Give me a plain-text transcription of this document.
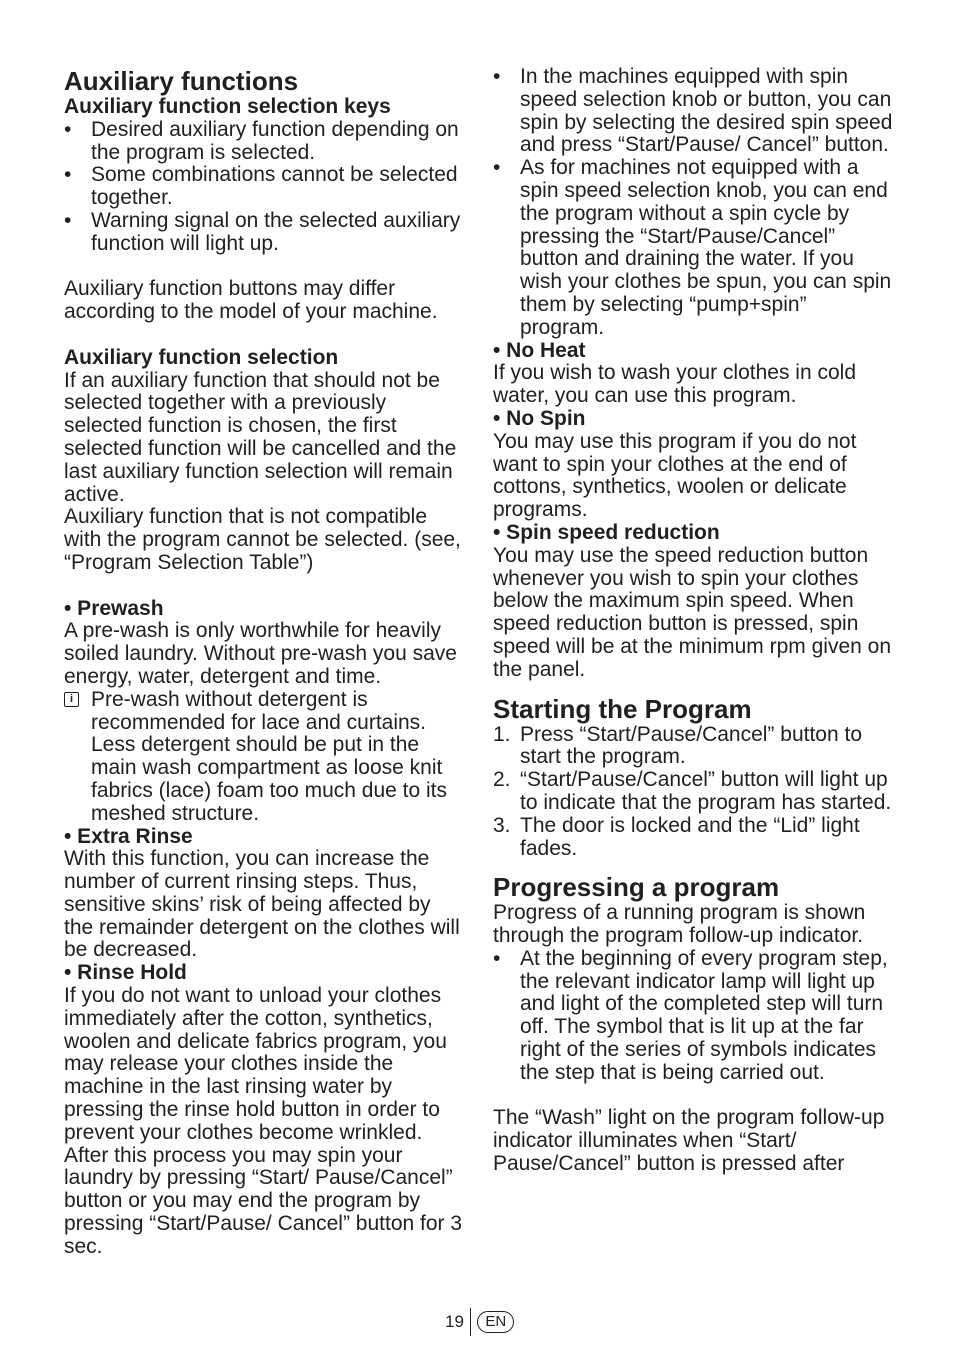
Auxiliary functions

Auxiliary function selection keys

• Desired auxiliary function depending on the program is selected.
• Some combinations cannot be selected together.
• Warning signal on the selected auxiliary function will light up.

Auxiliary function buttons may differ according to the model of your machine.

Auxiliary function selection

If an auxiliary function that should not be selected together with a previously selected function is chosen, the first selected function will be cancelled and the last auxiliary function selection will remain active.

Auxiliary function that is not compatible with the program cannot be selected. (see, “Program Selection Table”)

• Prewash

A pre-wash is only worthwhile for heavily soiled laundry. Without pre-wash you save energy, water, detergent and time.

i Pre-wash without detergent is recommended for lace and curtains. Less detergent should be put in the main wash compartment as loose knit fabrics (lace) foam too much due to its meshed structure.

• Extra Rinse

With this function, you can increase the number of current rinsing steps. Thus, sensitive skins’ risk of being affected by the remainder detergent on the clothes will be decreased.

• Rinse Hold

If you do not want to unload your clothes immediately after the cotton, synthetics, woolen and delicate fabrics program, you may release your clothes inside the machine in the last rinsing water by pressing the rinse hold button in order to prevent your clothes become wrinkled. After this process you may spin your laundry by pressing “Start/ Pause/Cancel” button or you may end the program by pressing “Start/Pause/ Cancel” button for 3 sec.

• In the machines equipped with spin speed selection knob or button, you can spin by selecting the desired spin speed and press “Start/Pause/ Cancel” button.
• As for machines not equipped with a spin speed selection knob, you can end the program without a spin cycle by pressing the “Start/Pause/Cancel” button and draining the water. If you wish your clothes be spun, you can spin them by selecting “pump+spin” program.

• No Heat

If you wish to wash your clothes in cold water, you can use this program.

• No Spin

You may use this program if you do not want to spin your clothes at the end of cottons, synthetics, woolen or delicate programs.

• Spin speed reduction

You may use the speed reduction button whenever you wish to spin your clothes below the maximum spin speed. When speed reduction button is pressed, spin speed will be at the minimum rpm given on the panel.

Starting the Program
1. Press “Start/Pause/Cancel” button to start the program.
2. “Start/Pause/Cancel” button will light up to indicate that the program has started.
3. The door is locked and the “Lid” light fades.
Progressing a program

Progress of a running program is shown through the program follow-up indicator.

• At the beginning of every program step, the relevant indicator lamp will light up and light of the completed step will turn off. The symbol that is lit up at the far right of the series of symbols indicates the step that is being carried out.

The “Wash” light on the program follow-up indicator illuminates when “Start/ Pause/Cancel” button is pressed after

19	EN
